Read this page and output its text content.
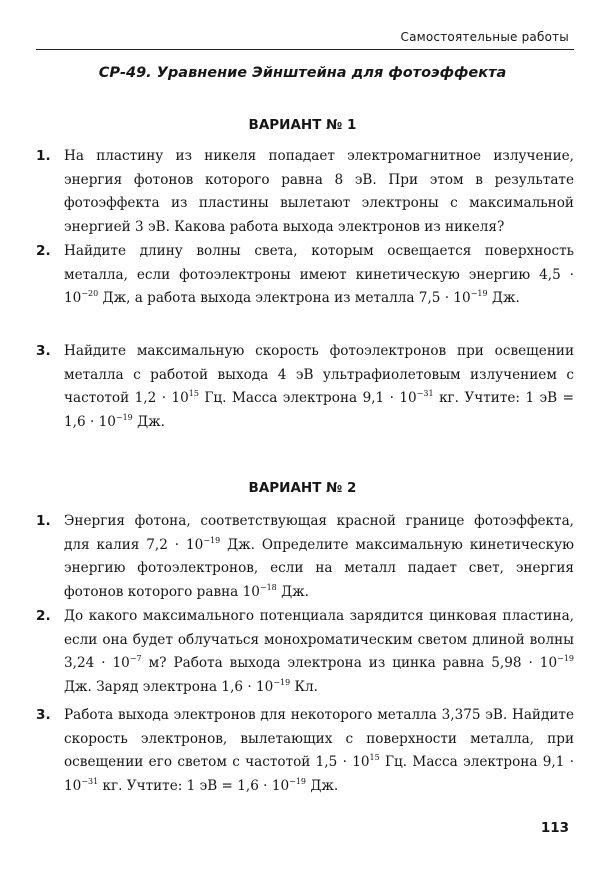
Самостоятельные работы
СР-49. Уравнение Эйнштейна для фотоэффекта
ВАРИАНТ № 1
1. На пластину из никеля попадает электромагнитное излучение, энергия фотонов которого равна 8 эВ. При этом в результате фотоэффекта из пластины вылетают электроны с максимальной энергией 3 эВ. Какова работа выхода электронов из никеля?
2. Найдите длину волны света, которым освещается поверхность металла, если фотоэлектроны имеют кинетическую энергию $4,5 \cdot 10^{-20}$ Дж, а работа выхода электрона из металла $7,5 \cdot 10^{-19}$ Дж.
3. Найдите максимальную скорость фотоэлектронов при освещении металла с работой выхода 4 эВ ультрафиолетовым излучением с частотой $1,2 \cdot 10^{15}$ Гц. Масса электрона $9,1 \cdot 10^{-31}$ кг. Учтите: 1 эВ = $1,6 \cdot 10^{-19}$ Дж.
ВАРИАНТ № 2
1. Энергия фотона, соответствующая красной границе фотоэффекта, для калия $7,2 \cdot 10^{-19}$ Дж. Определите максимальную кинетическую энергию фотоэлектронов, если на металл падает свет, энергия фотонов которого равна $10^{-18}$ Дж.
2. До какого максимального потенциала зарядится цинковая пластина, если она будет облучаться монохроматическим светом длиной волны $3,24 \cdot 10^{-7}$ м? Работа выхода электрона из цинка равна $5,98 \cdot 10^{-19}$ Дж. Заряд электрона $1,6 \cdot 10^{-19}$ Кл.
3. Работа выхода электронов для некоторого металла 3,375 эВ. Найдите скорость электронов, вылетающих с поверхности металла, при освещении его светом с частотой $1,5 \cdot 10^{15}$ Гц. Масса электрона $9,1 \cdot 10^{-31}$ кг. Учтите: 1 эВ = $1,6 \cdot 10^{-19}$ Дж.
113
